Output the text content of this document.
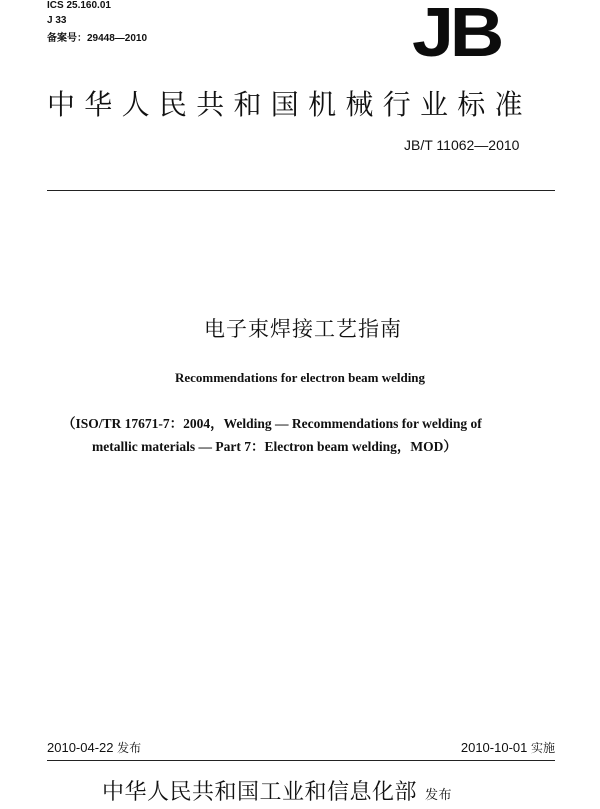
ICS 25.160.01
J 33
备案号：29448—2010	JB
中华人民共和国机械行业标准
JB/T 11062—2010
电子束焊接工艺指南
Recommendations for electron beam welding
（ISO/TR 17671-7：2004，Welding — Recommendations for welding of
metallic materials — Part 7：Electron beam welding，MOD）
2010-04-22 发布	2010-10-01 实施
中华人民共和国工业和信息化部 发布
